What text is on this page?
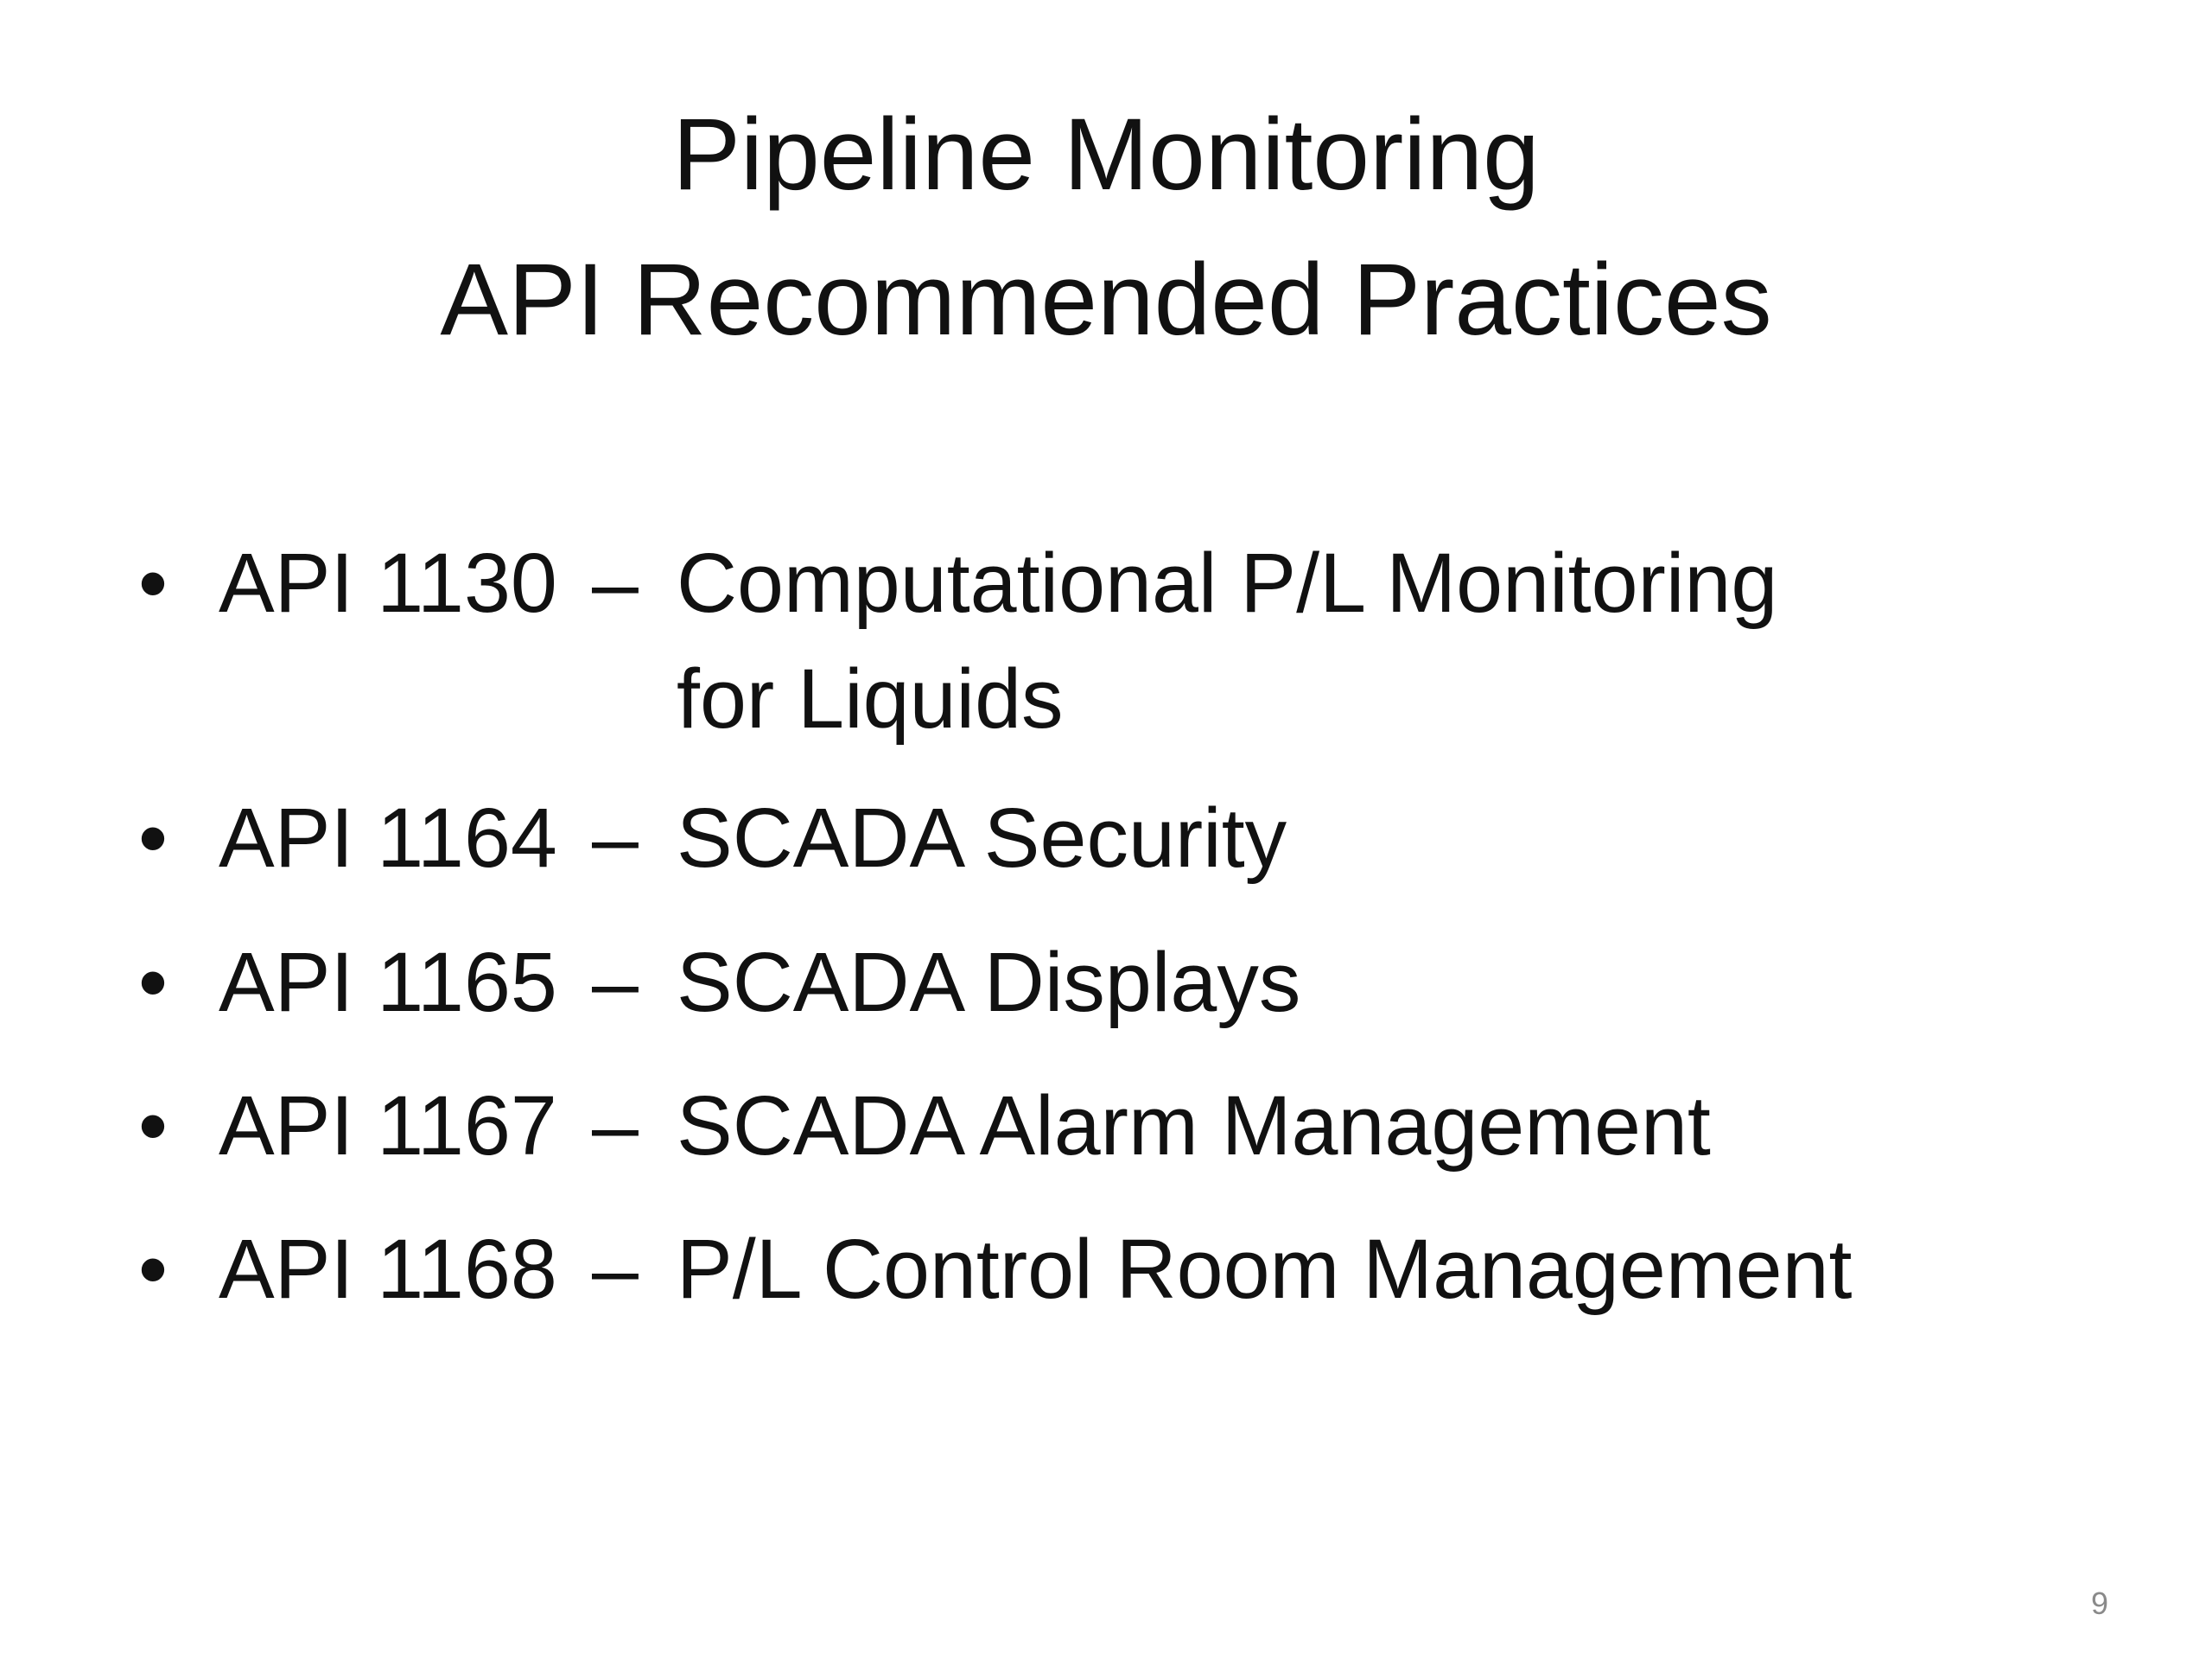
Pipeline Monitoring
API Recommended Practices
• API 1130 – Computational P/L Monitoring
for Liquids
• API 1164 – SCADA Security
• API 1165 – SCADA Displays
• API 1167 – SCADA Alarm Management
• API 1168 – P/L Control Room Management
9
